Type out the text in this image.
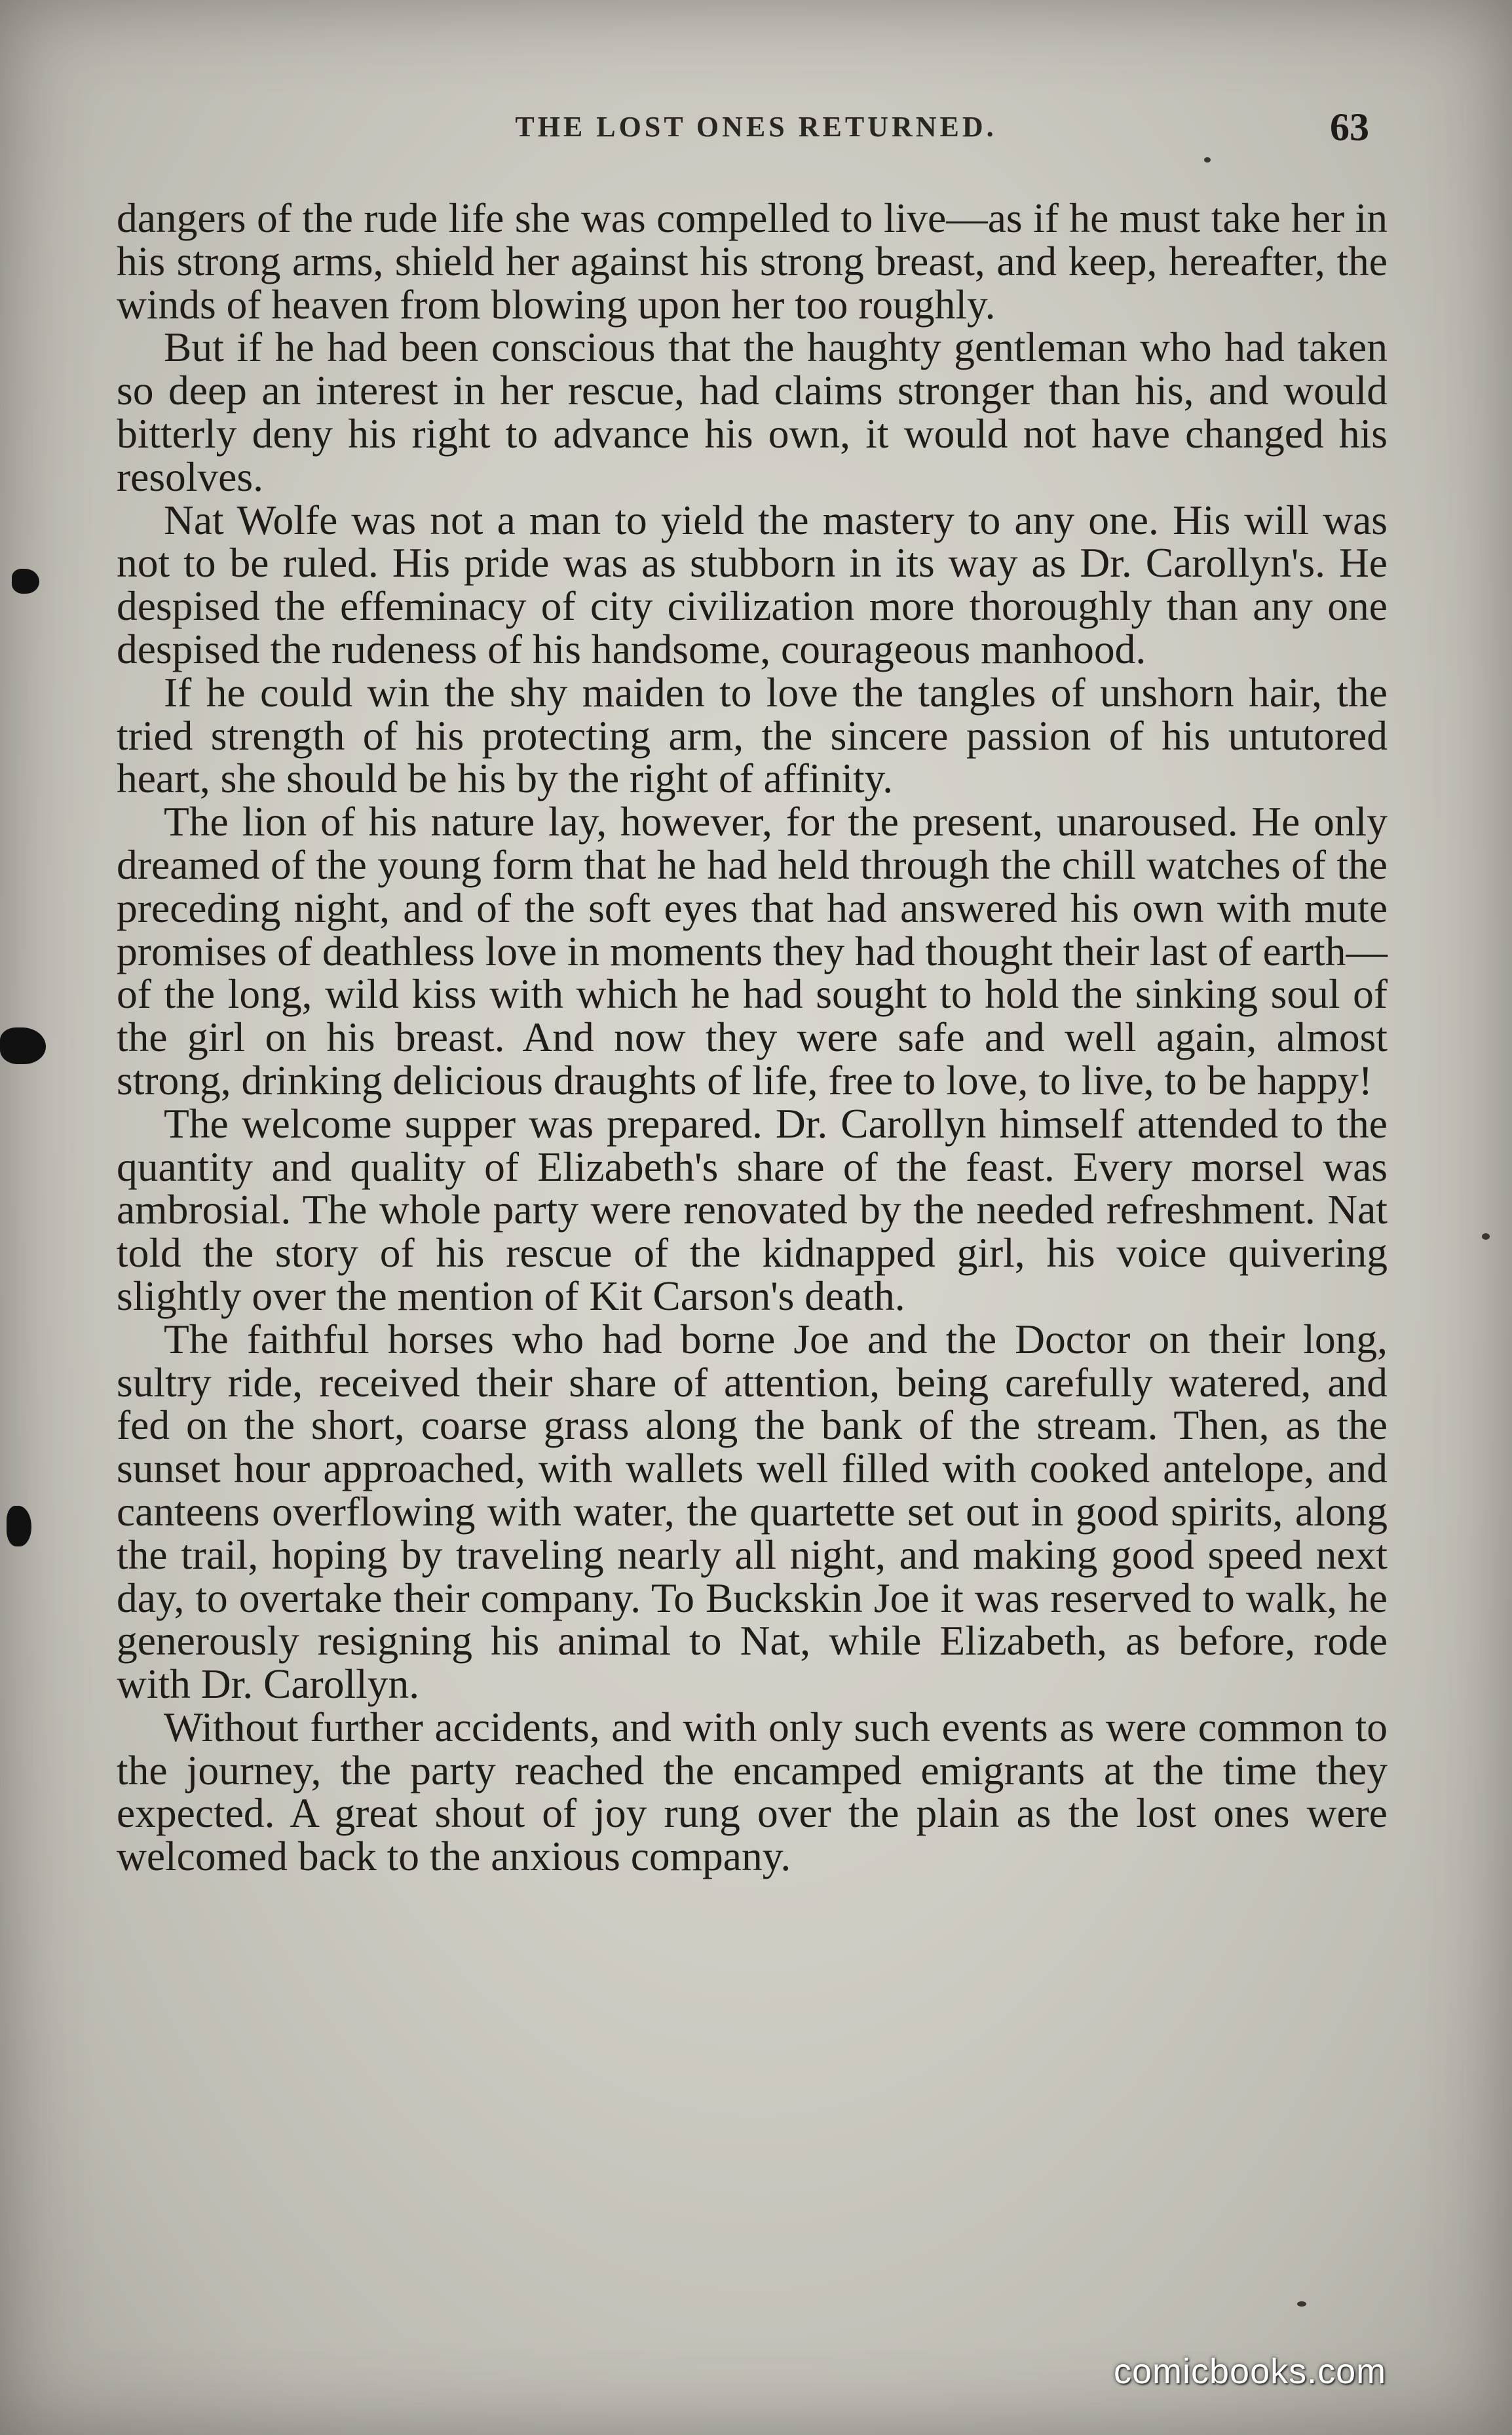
THE LOST ONES RETURNED.	63

dangers of the rude life she was compelled to live—as if he must take her in his strong arms, shield her against his strong breast, and keep, hereafter, the winds of heaven from blowing upon her too roughly.

But if he had been conscious that the haughty gentleman who had taken so deep an interest in her rescue, had claims stronger than his, and would bitterly deny his right to advance his own, it would not have changed his resolves.

Nat Wolfe was not a man to yield the mastery to any one. His will was not to be ruled. His pride was as stubborn in its way as Dr. Carollyn's. He despised the effeminacy of city civilization more thoroughly than any one despised the rudeness of his handsome, courageous manhood.

If he could win the shy maiden to love the tangles of unshorn hair, the tried strength of his protecting arm, the sincere passion of his untutored heart, she should be his by the right of affinity.

The lion of his nature lay, however, for the present, unaroused. He only dreamed of the young form that he had held through the chill watches of the preceding night, and of the soft eyes that had answered his own with mute promises of deathless love in moments they had thought their last of earth—of the long, wild kiss with which he had sought to hold the sinking soul of the girl on his breast. And now they were safe and well again, almost strong, drinking delicious draughts of life, free to love, to live, to be happy!

The welcome supper was prepared. Dr. Carollyn himself attended to the quantity and quality of Elizabeth's share of the feast. Every morsel was ambrosial. The whole party were renovated by the needed refreshment. Nat told the story of his rescue of the kidnapped girl, his voice quivering slightly over the mention of Kit Carson's death.

The faithful horses who had borne Joe and the Doctor on their long, sultry ride, received their share of attention, being carefully watered, and fed on the short, coarse grass along the bank of the stream. Then, as the sunset hour approached, with wallets well filled with cooked antelope, and canteens overflowing with water, the quartette set out in good spirits, along the trail, hoping by traveling nearly all night, and making good speed next day, to overtake their company. To Buckskin Joe it was reserved to walk, he generously resigning his animal to Nat, while Elizabeth, as before, rode with Dr. Carollyn.

Without further accidents, and with only such events as were common to the journey, the party reached the encamped emigrants at the time they expected. A great shout of joy rung over the plain as the lost ones were welcomed back to the anxious company.

comicbooks.com
